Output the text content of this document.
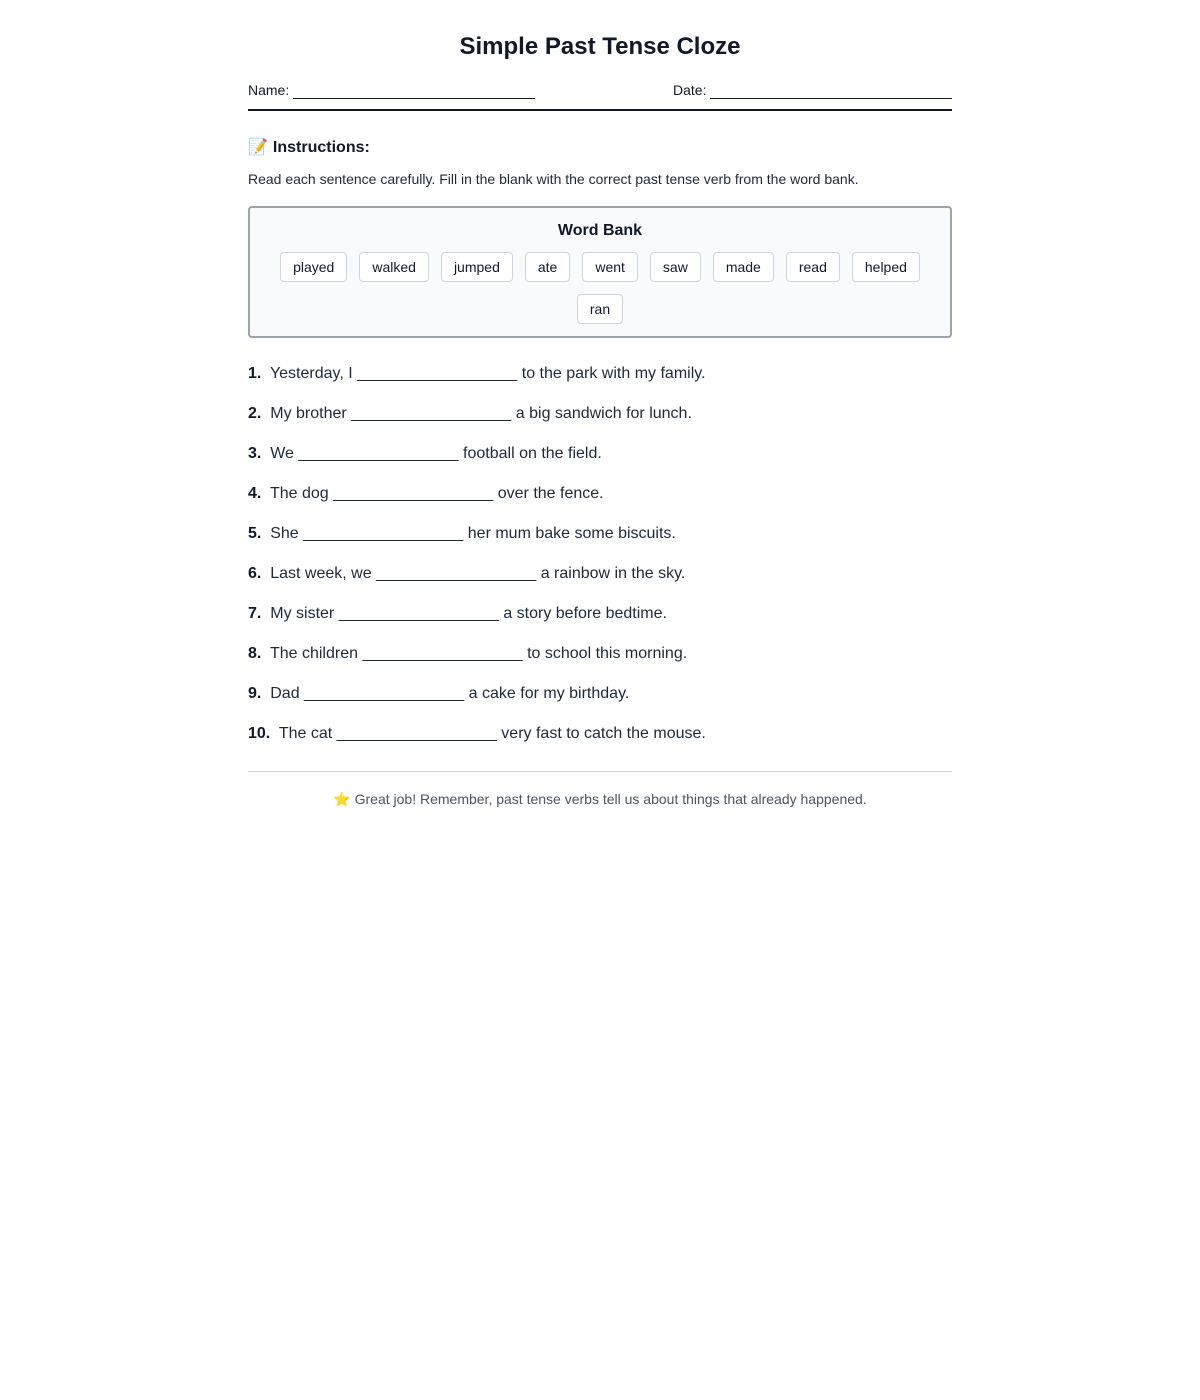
Simple Past Tense Cloze
Name:	Date:
📝 Instructions:

Read each sentence carefully. Fill in the blank with the correct past tense verb from the word bank.

Word Bank
played	walked	jumped	ate	went	saw	made	read	helped
ran
1. Yesterday, I __________________ to the park with my family.
2. My brother __________________ a big sandwich for lunch.
3. We __________________ football on the field.
4. The dog __________________ over the fence.
5. She __________________ her mum bake some biscuits.
6. Last week, we __________________ a rainbow in the sky.
7. My sister __________________ a story before bedtime.
8. The children __________________ to school this morning.
9. Dad __________________ a cake for my birthday.
10. The cat __________________ very fast to catch the mouse.

⭐ Great job! Remember, past tense verbs tell us about things that already happened.
